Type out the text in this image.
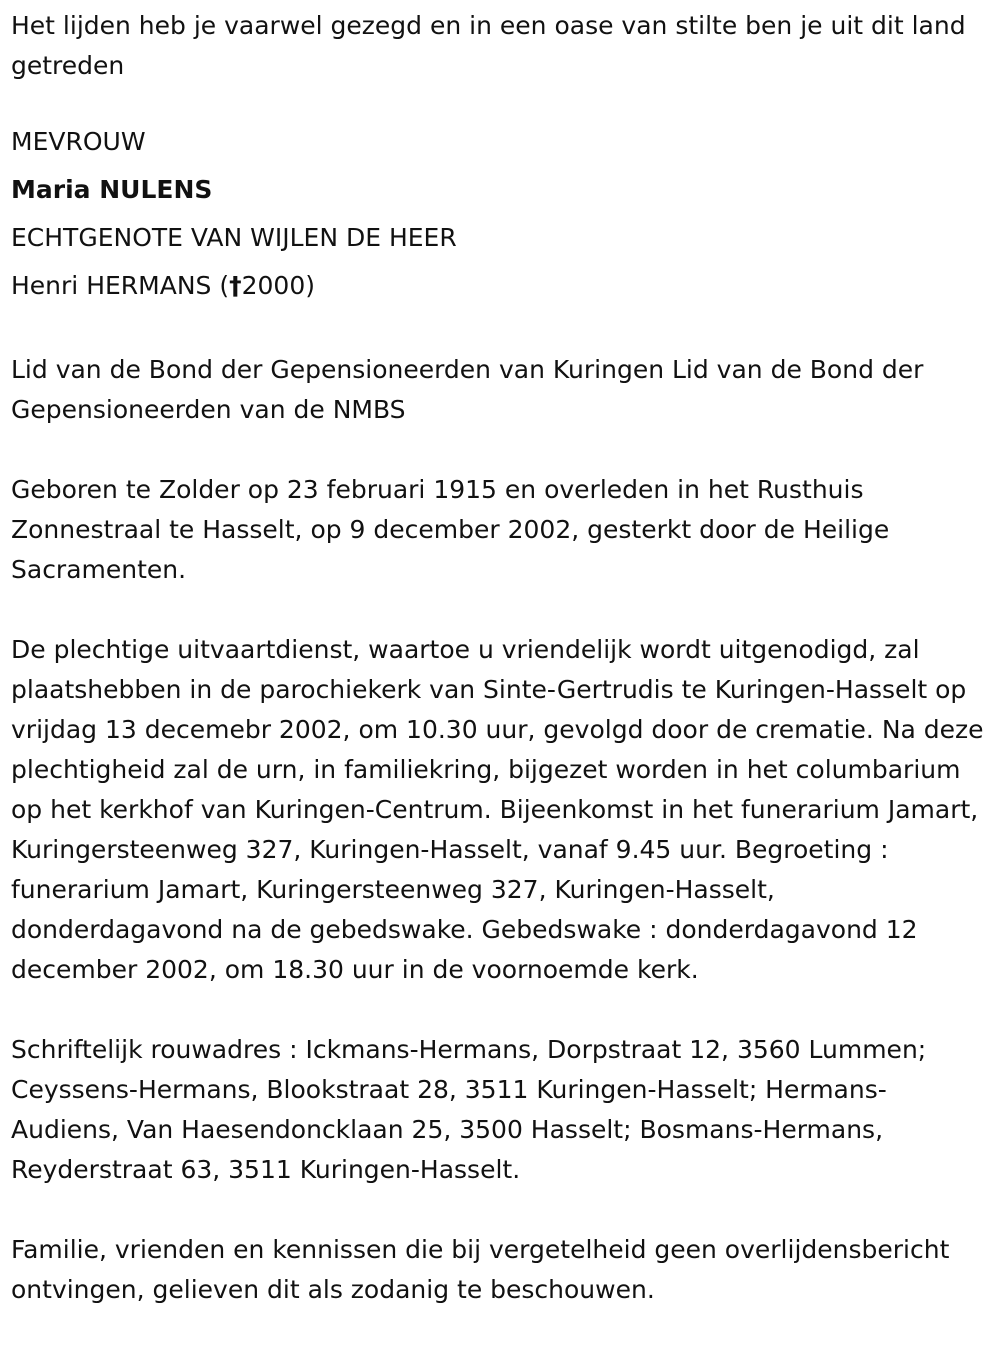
Het lijden heb je vaarwel gezegd en in een oase van stilte ben je uit dit land getreden

MEVROUW

Maria NULENS

ECHTGENOTE VAN WIJLEN DE HEER

Henri HERMANS (†2000)

Lid van de Bond der Gepensioneerden van Kuringen Lid van de Bond der Gepensioneerden van de NMBS

Geboren te Zolder op 23 februari 1915 en overleden in het Rusthuis Zonnestraal te Hasselt, op 9 december 2002, gesterkt door de Heilige Sacramenten.

De plechtige uitvaartdienst, waartoe u vriendelijk wordt uitgenodigd, zal plaatshebben in de parochiekerk van Sinte-Gertrudis te Kuringen-Hasselt op vrijdag 13 decemebr 2002, om 10.30 uur, gevolgd door de crematie. Na deze plechtigheid zal de urn, in familiekring, bijgezet worden in het columbarium op het kerkhof van Kuringen-Centrum. Bijeenkomst in het funerarium Jamart, Kuringersteenweg 327, Kuringen-Hasselt, vanaf 9.45 uur. Begroeting : funerarium Jamart, Kuringersteenweg 327, Kuringen-Hasselt, donderdagavond na de gebedswake. Gebedswake : donderdagavond 12 december 2002, om 18.30 uur in de voornoemde kerk.

Schriftelijk rouwadres : Ickmans-Hermans, Dorpstraat 12, 3560 Lummen; Ceyssens-Hermans, Blookstraat 28, 3511 Kuringen-Hasselt; Hermans-Audiens, Van Haesendoncklaan 25, 3500 Hasselt; Bosmans-Hermans, Reyderstraat 63, 3511 Kuringen-Hasselt.

Familie, vrienden en kennissen die bij vergetelheid geen overlijdensbericht ontvingen, gelieven dit als zodanig te beschouwen.
